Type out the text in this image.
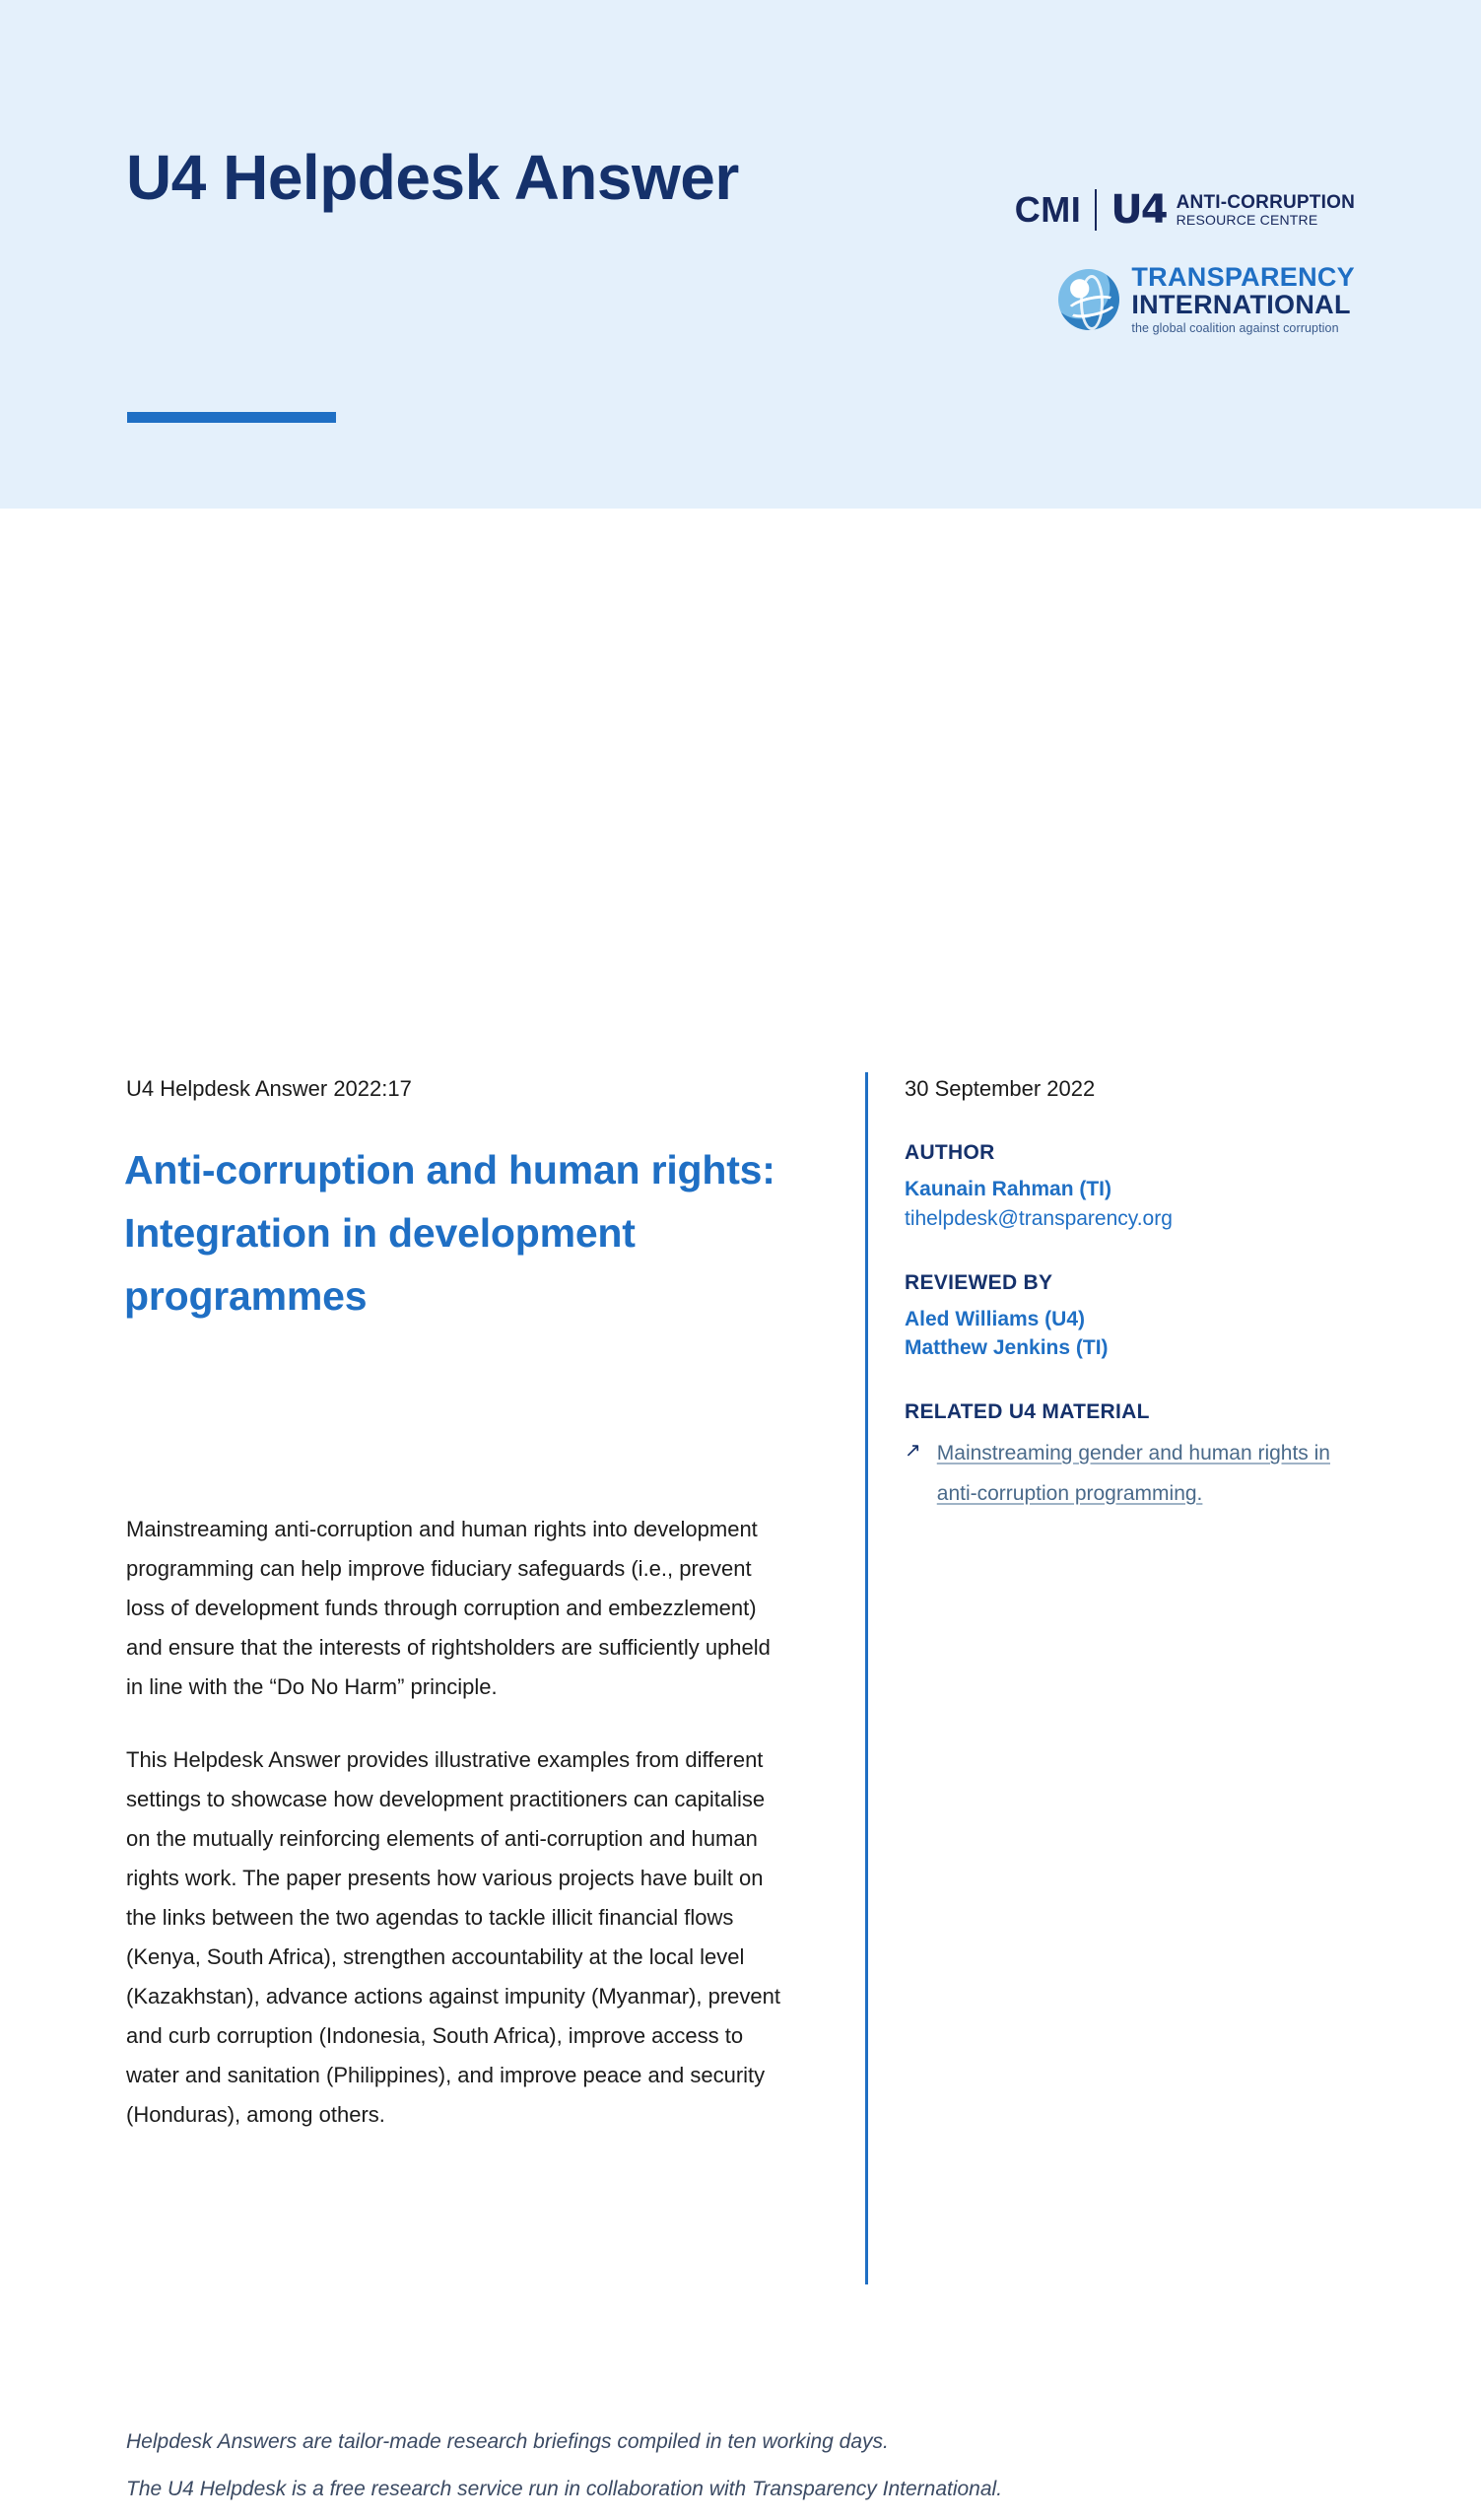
U4 Helpdesk Answer	CMI U4 ANTI-CORRUPTION
RESOURCE CENTRE
TRANSPARENCY
INTERNATIONAL
the global coalition against corruption
U4 Helpdesk Answer 2022:17
Anti-corruption and human rights: Integration in development programmes

Mainstreaming anti-corruption and human rights into development programming can help improve fiduciary safeguards (i.e., prevent loss of development funds through corruption and embezzlement) and ensure that the interests of rightsholders are sufficiently upheld in line with the “Do No Harm” principle.

This Helpdesk Answer provides illustrative examples from different settings to showcase how development practitioners can capitalise on the mutually reinforcing elements of anti-corruption and human rights work. The paper presents how various projects have built on the links between the two agendas to tackle illicit financial flows (Kenya, South Africa), strengthen accountability at the local level (Kazakhstan), advance actions against impunity (Myanmar), prevent and curb corruption (Indonesia, South Africa), improve access to water and sanitation (Philippines), and improve peace and security (Honduras), among others.

30 September 2022
AUTHOR
Kaunain Rahman (TI)
tihelpdesk@transparency.org
REVIEWED BY
Aled Williams (U4)
Matthew Jenkins (TI)
RELATED U4 MATERIAL
↗ Mainstreaming gender and human rights in anti-corruption programming.

Helpdesk Answers are tailor-made research briefings compiled in ten working days.

The U4 Helpdesk is a free research service run in collaboration with Transparency International.
